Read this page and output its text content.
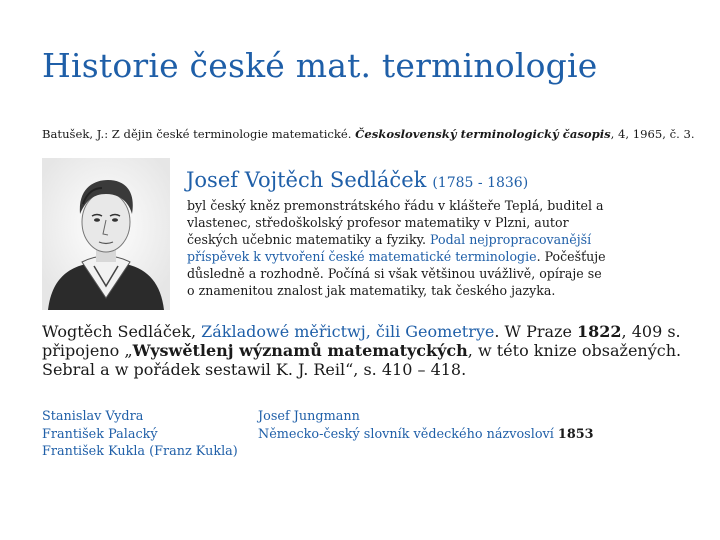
Historie české mat. terminologie
Batušek, J.: Z dějin české terminologie matematické. Československý terminologický časopis, 4, 1965, č. 3.
Josef Vojtěch Sedláček (1785 - 1836)
byl český kněz premonstrátského řádu v klášteře Teplá, buditel a vlastenec, středoškolský profesor matematiky v Plzni, autor českých učebnic matematiky a fyziky. Podal nejpropracovanější příspěvek k vytvoření české matematické terminologie. Počešťuje důsledně a rozhodně. Počíná si však většinou uvážlivě, opíraje se o znamenitou znalost jak matematiky, tak českého jazyka.
Wogtěch Sedláček, Základowé měřictwj, čili Geometrye. W Praze 1822, 409 s. připojeno „Wyswětlenj wýznamů matematyckých, w této knize obsažených. Sebral a w pořádek sestawil K. J. Reil“, s. 410 – 418.
Stanislav Vydra
František Palacký
František Kukla (Franz Kukla)
Josef Jungmann
Německo-český slovník vědeckého názvosloví 1853
